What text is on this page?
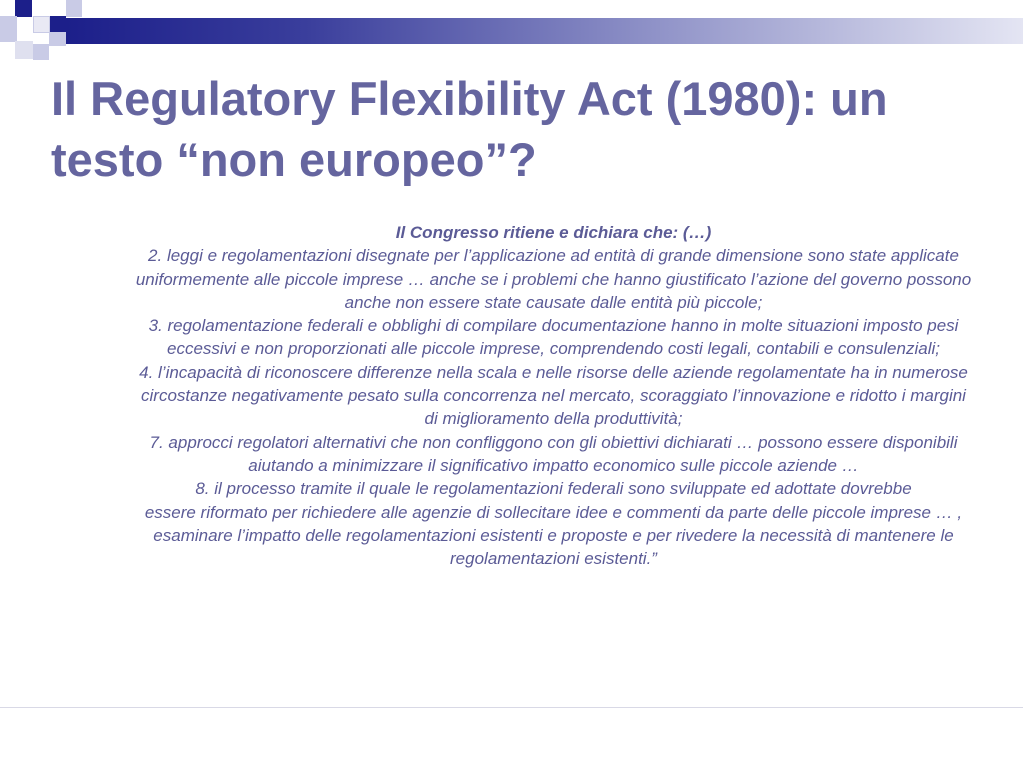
Il Regulatory Flexibility Act (1980): un
testo “non europeo”?
Il Congresso ritiene e dichiara che: (…)
2. leggi e regolamentazioni disegnate per l’applicazione ad entità di grande dimensione sono state applicate
uniformemente alle piccole imprese … anche se i problemi che hanno giustificato l’azione del governo possono
anche non essere state causate dalle entità più piccole;
3. regolamentazione federali e obblighi di compilare documentazione hanno in molte situazioni imposto pesi
eccessivi e non proporzionati alle piccole imprese, comprendendo costi legali, contabili e consulenziali;
4. l’incapacità di riconoscere differenze nella scala e nelle risorse delle aziende regolamentate ha in numerose
circostanze negativamente pesato sulla concorrenza nel mercato, scoraggiato l’innovazione e ridotto i margini
di miglioramento della produttività;
7. approcci regolatori alternativi che non confliggono con gli obiettivi dichiarati … possono essere disponibili
aiutando a minimizzare il significativo impatto economico sulle piccole aziende …
8. il processo tramite il quale le regolamentazioni federali sono sviluppate ed adottate dovrebbe
essere riformato per richiedere alle agenzie di sollecitare idee e commenti da parte delle piccole imprese … ,
esaminare l’impatto delle regolamentazioni esistenti e proposte e per rivedere la necessità di mantenere le
regolamentazioni esistenti.”
